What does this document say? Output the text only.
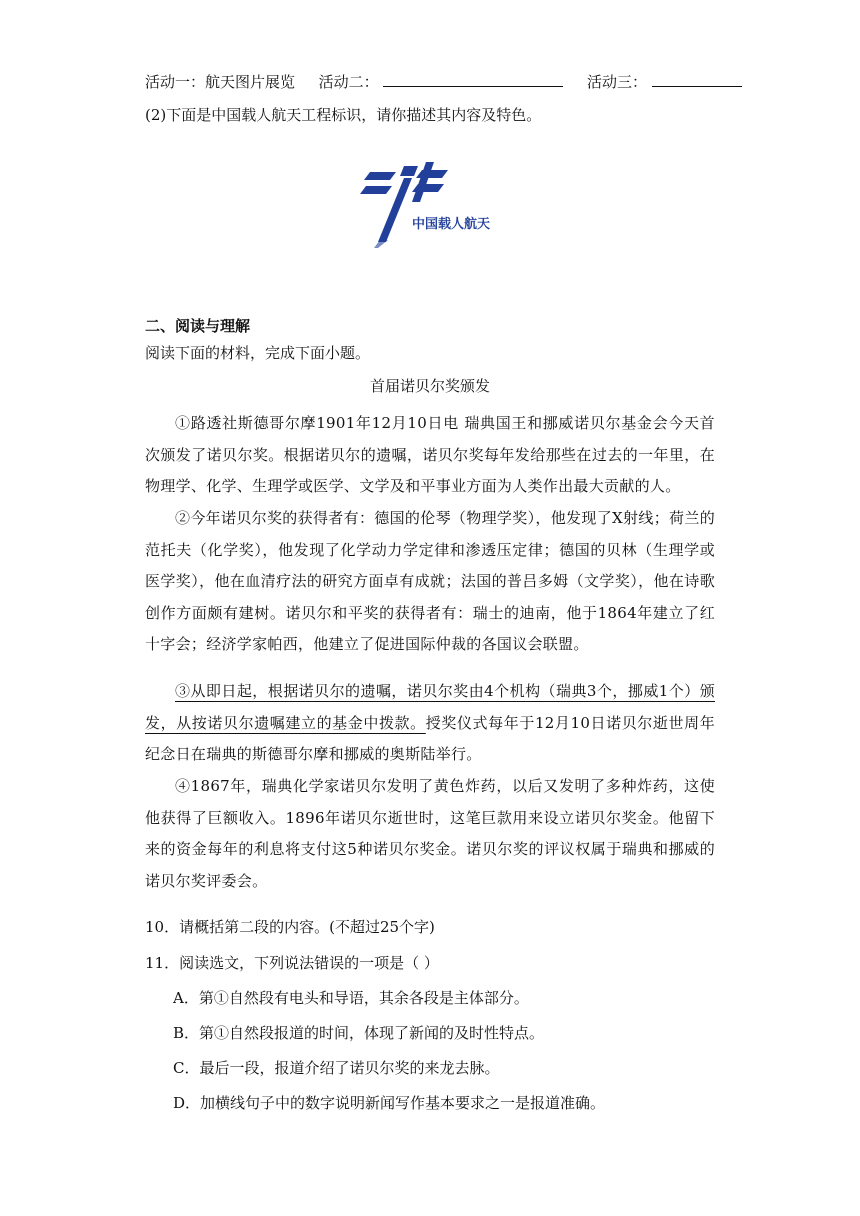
活动一：航天图片展览 活动二：	活动三：
(2)下面是中国载人航天工程标识，请你描述其内容及特色。
中国载人航天
二、阅读与理解
阅读下面的材料，完成下面小题。
首届诺贝尔奖颁发
①路透社斯德哥尔摩1901年12月10日电 瑞典国王和挪威诺贝尔基金会今天首次颁发了诺贝尔奖。根据诺贝尔的遗嘱，诺贝尔奖每年发给那些在过去的一年里，在物理学、化学、生理学或医学、文学及和平事业方面为人类作出最大贡献的人。
②今年诺贝尔奖的获得者有：德国的伦琴（物理学奖），他发现了X射线；荷兰的范托夫（化学奖），他发现了化学动力学定律和渗透压定律；德国的贝林（生理学或医学奖），他在血清疗法的研究方面卓有成就；法国的普吕多姆（文学奖），他在诗歌创作方面颇有建树。诺贝尔和平奖的获得者有：瑞士的迪南，他于1864年建立了红十字会；经济学家帕西，他建立了促进国际仲裁的各国议会联盟。
③从即日起，根据诺贝尔的遗嘱，诺贝尔奖由4个机构（瑞典3个，挪威1个）颁发，从按诺贝尔遗嘱建立的基金中拨款。授奖仪式每年于12月10日诺贝尔逝世周年纪念日在瑞典的斯德哥尔摩和挪威的奥斯陆举行。
④1867年，瑞典化学家诺贝尔发明了黄色炸药，以后又发明了多种炸药，这使他获得了巨额收入。1896年诺贝尔逝世时，这笔巨款用来设立诺贝尔奖金。他留下来的资金每年的利息将支付这5种诺贝尔奖金。诺贝尔奖的评议权属于瑞典和挪威的诺贝尔奖评委会。
10．请概括第二段的内容。(不超过25个字)
11．阅读选文，下列说法错误的一项是（ ）
A．第①自然段有电头和导语，其余各段是主体部分。
B．第①自然段报道的时间，体现了新闻的及时性特点。
C．最后一段，报道介绍了诺贝尔奖的来龙去脉。
D．加横线句子中的数字说明新闻写作基本要求之一是报道准确。
